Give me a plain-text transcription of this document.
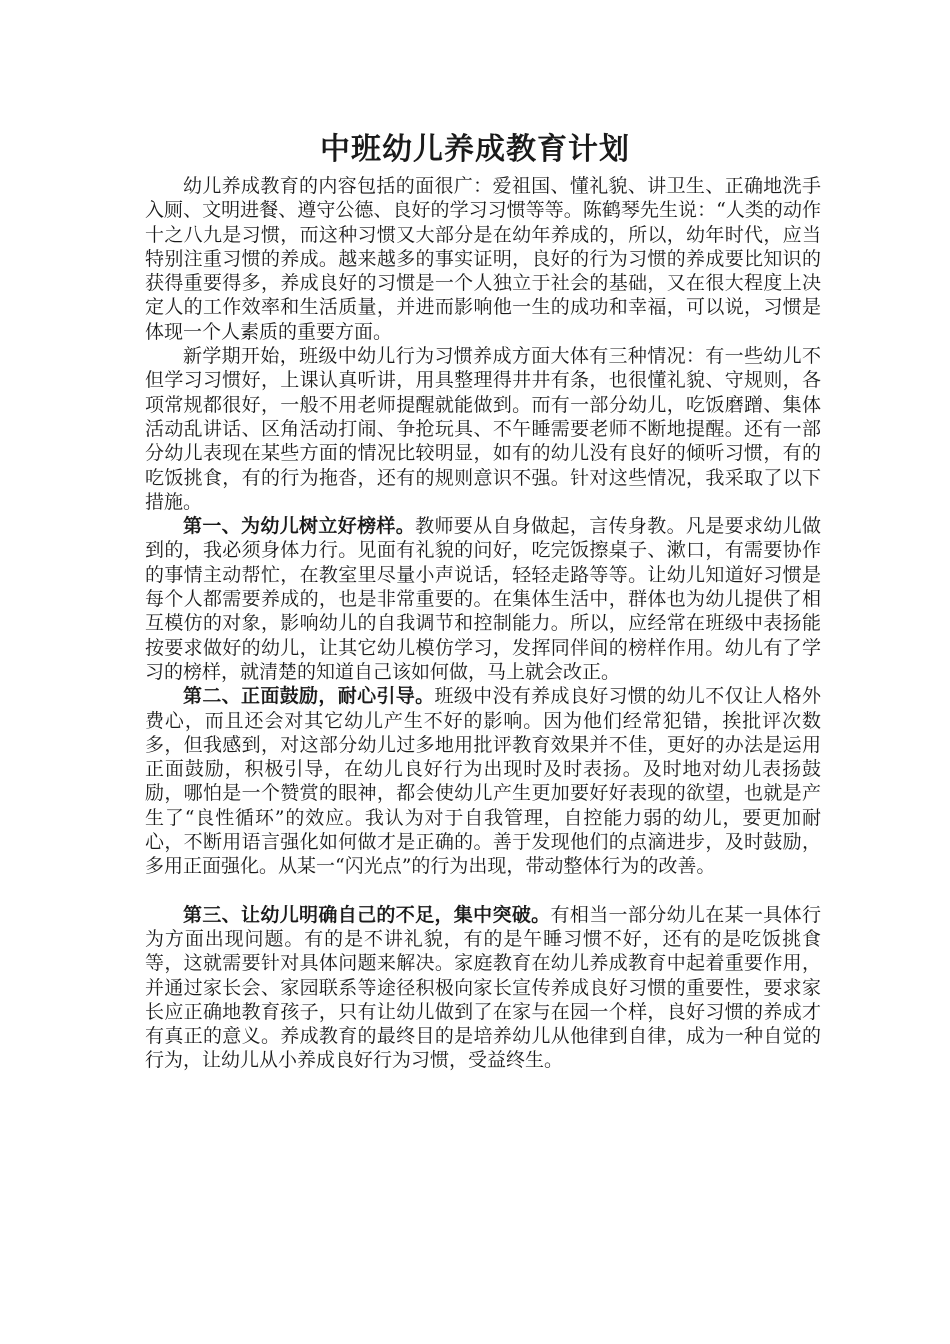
中班幼儿养成教育计划

幼儿养成教育的内容包括的面很广：爱祖国、懂礼貌、讲卫生、正确地洗手入厕、文明进餐、遵守公德、良好的学习习惯等等。陈鹤琴先生说：“人类的动作十之八九是习惯，而这种习惯又大部分是在幼年养成的，所以，幼年时代，应当特别注重习惯的养成。越来越多的事实证明，良好的行为习惯的养成要比知识的获得重要得多，养成良好的习惯是一个人独立于社会的基础，又在很大程度上决定人的工作效率和生活质量，并进而影响他一生的成功和幸福，可以说，习惯是体现一个人素质的重要方面。

新学期开始，班级中幼儿行为习惯养成方面大体有三种情况：有一些幼儿不但学习习惯好，上课认真听讲，用具整理得井井有条，也很懂礼貌、守规则，各项常规都很好，一般不用老师提醒就能做到。而有一部分幼儿，吃饭磨蹭、集体活动乱讲话、区角活动打闹、争抢玩具、不午睡需要老师不断地提醒。还有一部分幼儿表现在某些方面的情况比较明显，如有的幼儿没有良好的倾听习惯，有的吃饭挑食，有的行为拖沓，还有的规则意识不强。针对这些情况，我采取了以下措施。

第一、为幼儿树立好榜样。教师要从自身做起，言传身教。凡是要求幼儿做到的，我必须身体力行。见面有礼貌的问好，吃完饭擦桌子、漱口，有需要协作的事情主动帮忙，在教室里尽量小声说话，轻轻走路等等。让幼儿知道好习惯是每个人都需要养成的，也是非常重要的。在集体生活中，群体也为幼儿提供了相互模仿的对象，影响幼儿的自我调节和控制能力。所以，应经常在班级中表扬能按要求做好的幼儿，让其它幼儿模仿学习，发挥同伴间的榜样作用。幼儿有了学习的榜样，就清楚的知道自己该如何做，马上就会改正。

第二、正面鼓励，耐心引导。班级中没有养成良好习惯的幼儿不仅让人格外费心，而且还会对其它幼儿产生不好的影响。因为他们经常犯错，挨批评次数多，但我感到，对这部分幼儿过多地用批评教育效果并不佳，更好的办法是运用正面鼓励，积极引导，在幼儿良好行为出现时及时表扬。及时地对幼儿表扬鼓励，哪怕是一个赞赏的眼神，都会使幼儿产生更加要好好表现的欲望，也就是产生了“良性循环”的效应。我认为对于自我管理，自控能力弱的幼儿，要更加耐心，不断用语言强化如何做才是正确的。善于发现他们的点滴进步，及时鼓励，多用正面强化。从某一“闪光点”的行为出现，带动整体行为的改善。

第三、让幼儿明确自己的不足，集中突破。有相当一部分幼儿在某一具体行为方面出现问题。有的是不讲礼貌，有的是午睡习惯不好，还有的是吃饭挑食等，这就需要针对具体问题来解决。家庭教育在幼儿养成教育中起着重要作用，并通过家长会、家园联系等途径积极向家长宣传养成良好习惯的重要性，要求家长应正确地教育孩子，只有让幼儿做到了在家与在园一个样，良好习惯的养成才有真正的意义。养成教育的最终目的是培养幼儿从他律到自律，成为一种自觉的行为，让幼儿从小养成良好行为习惯，受益终生。
